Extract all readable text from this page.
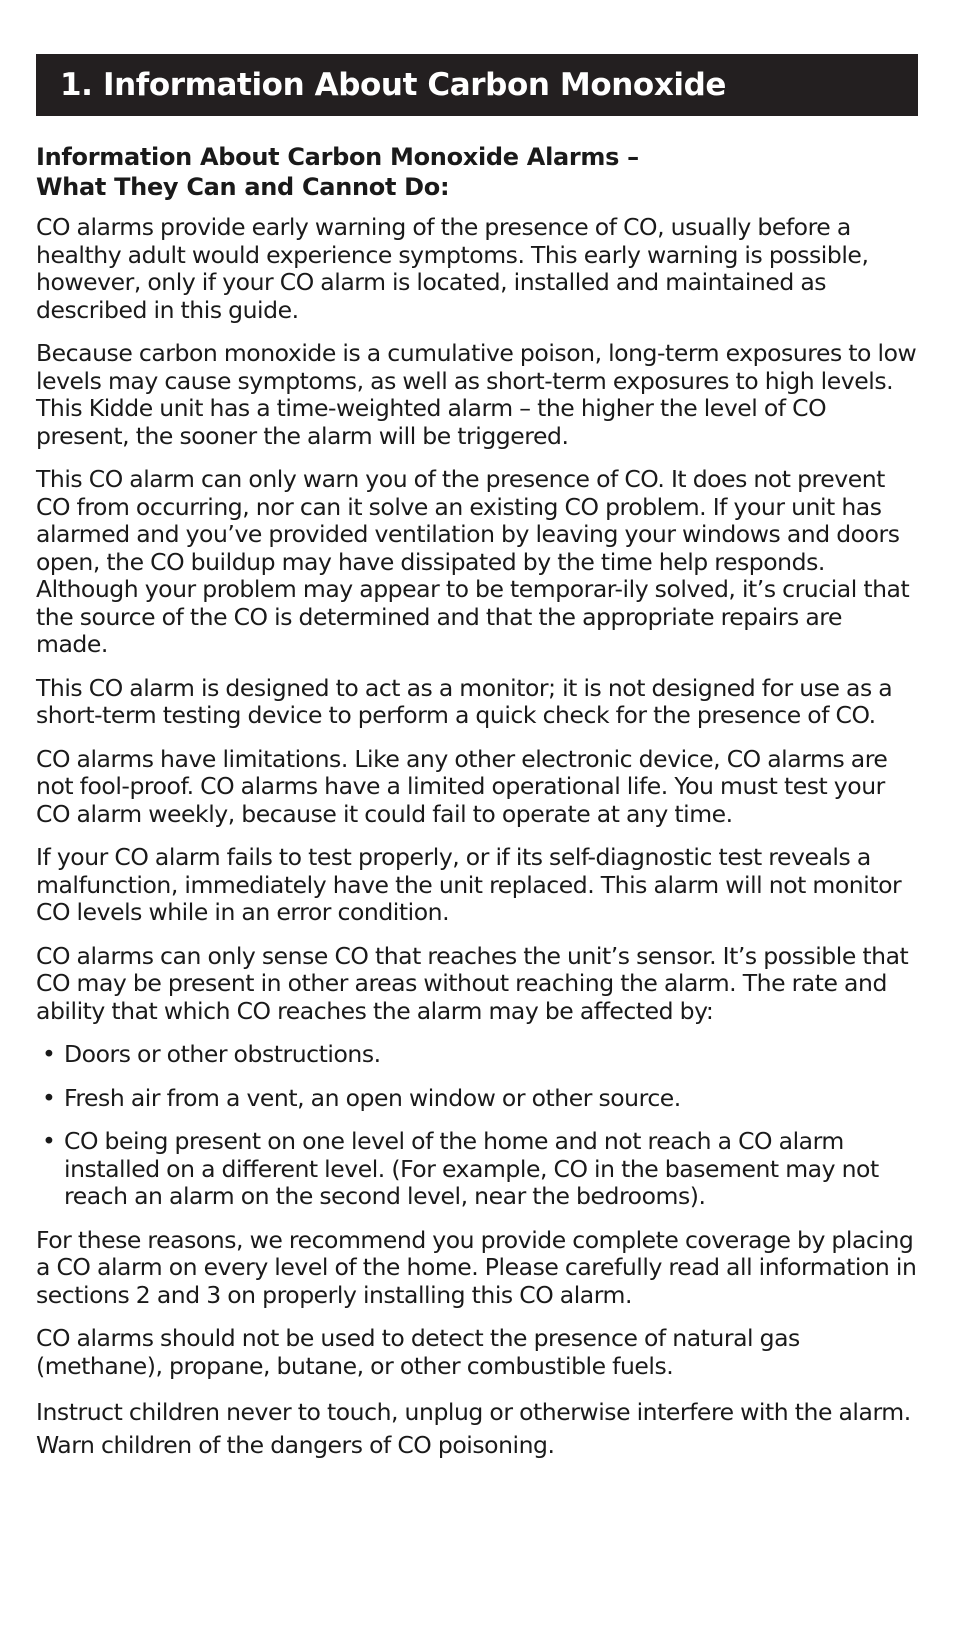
1. Information About Carbon Monoxide
Information About Carbon Monoxide Alarms –
What They Can and Cannot Do:

CO alarms provide early warning of the presence of CO, usually before a healthy adult would experience symptoms. This early warning is possible, however, only if your CO alarm is located, installed and maintained as described in this guide.

Because carbon monoxide is a cumulative poison, long-term exposures to low levels may cause symptoms, as well as short-term exposures to high levels. This Kidde unit has a time-weighted alarm – the higher the level of CO present, the sooner the alarm will be triggered.

This CO alarm can only warn you of the presence of CO. It does not prevent CO from occurring, nor can it solve an existing CO problem. If your unit has alarmed and you’ve provided ventilation by leaving your windows and doors open, the CO buildup may have dissipated by the time help responds. Although your problem may appear to be temporar-ily solved, it’s crucial that the source of the CO is determined and that the appropriate repairs are made.

This CO alarm is designed to act as a monitor; it is not designed for use as a short-term testing device to perform a quick check for the presence of CO.

CO alarms have limitations. Like any other electronic device, CO alarms are not fool-proof. CO alarms have a limited operational life. You must test your CO alarm weekly, because it could fail to operate at any time.

If your CO alarm fails to test properly, or if its self-diagnostic test reveals a malfunction, immediately have the unit replaced. This alarm will not monitor CO levels while in an error condition.

CO alarms can only sense CO that reaches the unit’s sensor. It’s possible that CO may be present in other areas without reaching the alarm. The rate and ability that which CO reaches the alarm may be affected by:

• Doors or other obstructions.
• Fresh air from a vent, an open window or other source.
• CO being present on one level of the home and not reach a CO alarm installed on a different level. (For example, CO in the basement may not reach an alarm on the second level, near the bedrooms).

For these reasons, we recommend you provide complete coverage by placing a CO alarm on every level of the home. Please carefully read all information in sections 2 and 3 on properly installing this CO alarm.

CO alarms should not be used to detect the presence of natural gas (methane), propane, butane, or other combustible fuels.

Instruct children never to touch, unplug or otherwise interfere with the alarm. Warn children of the dangers of CO poisoning.
